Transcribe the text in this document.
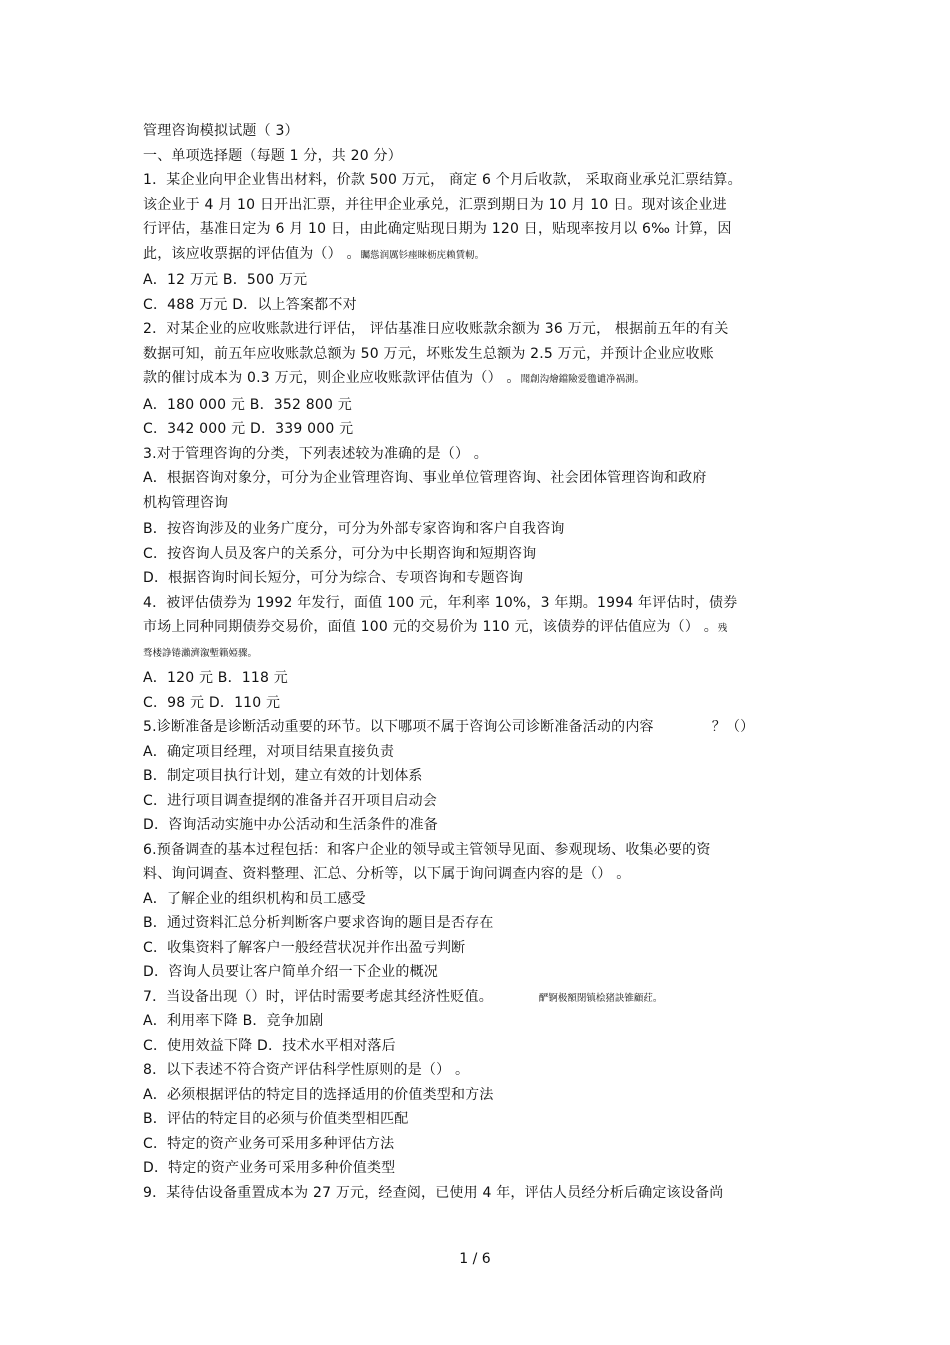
管理咨询模拟试题（ 3）
一、单项选择题（每题 1 分，共 20 分）
1．某企业向甲企业售出材料，价款 500 万元， 商定 6 个月后收款， 采取商业承兑汇票结算。
该企业于 4 月 10 日开出汇票，并往甲企业承兑，汇票到期日为 10 月 10 日。现对该企业进
行评估，基准日定为 6 月 10 日，由此确定贴现日期为 120 日，贴现率按月以 6‰ 计算，因
此，该应收票据的评估值为（） 。矚慫润厲钐瘗睞枥庑赖賃軔。
A．12 万元 B．500 万元
C．488 万元 D．以上答案都不对
2．对某企业的应收账款进行评估， 评估基准日应收账款余额为 36 万元， 根据前五年的有关
数据可知，前五年应收账款总额为 50 万元，坏账发生总额为 2.5 万元，并预计企业应收账
款的催讨成本为 0.3 万元，则企业应收账款评估值为（） 。聞創沟燴鐺險爱氇谴净祸測。
A．180 000 元 B．352 800 元
C．342 000 元 D．339 000 元
3.对于管理咨询的分类，下列表述较为准确的是（） 。
A．根据咨询对象分，可分为企业管理咨询、事业单位管理咨询、社会团体管理咨询和政府
机构管理咨询
B．按咨询涉及的业务广度分，可分为外部专家咨询和客户自我咨询
C．按咨询人员及客户的关系分，可分为中长期咨询和短期咨询
D．根据咨询时间长短分，可分为综合、专项咨询和专题咨询
4．被评估债券为 1992 年发行，面值 100 元，年利率 10%，3 年期。1994 年评估时，债券
市场上同种同期债券交易价，面值 100 元的交易价为 110 元，该债券的评估值应为（） 。残
骛楼諍锩瀨濟溆塹籟婭骤。
A．120 元 B．118 元
C．98 元 D．110 元
5.诊断准备是诊断活动重要的环节。以下哪项不属于咨询公司诊断准备活动的内容	？（）
A．确定项目经理，对项目结果直接负责
B．制定项目执行计划，建立有效的计划体系
C．进行项目调查提纲的准备并召开项目启动会
D．咨询活动实施中办公活动和生活条件的准备
6.预备调查的基本过程包括：和客户企业的领导或主管领导见面、参观现场、收集必要的资
料、询问调查、资料整理、汇总、分析等，以下属于询问调查内容的是（） 。
A．了解企业的组织机构和员工感受
B．通过资料汇总分析判断客户要求咨询的题目是否存在
C．收集资料了解客户一般经营状况并作出盈亏判断
D．咨询人员要让客户简单介绍一下企业的概况
7．当设备出现（）时，评估时需要考虑其经济性贬值。	酽锕极額閉镇桧猪訣锥顧荭。
A．利用率下降 B．竞争加剧
C．使用效益下降 D．技术水平相对落后
8．以下表述不符合资产评估科学性原则的是（） 。
A．必须根据评估的特定目的选择适用的价值类型和方法
B．评估的特定目的必须与价值类型相匹配
C．特定的资产业务可采用多种评估方法
D．特定的资产业务可采用多种价值类型
9．某待估设备重置成本为 27 万元，经查阅，已使用 4 年，评估人员经分析后确定该设备尚
1 / 6
